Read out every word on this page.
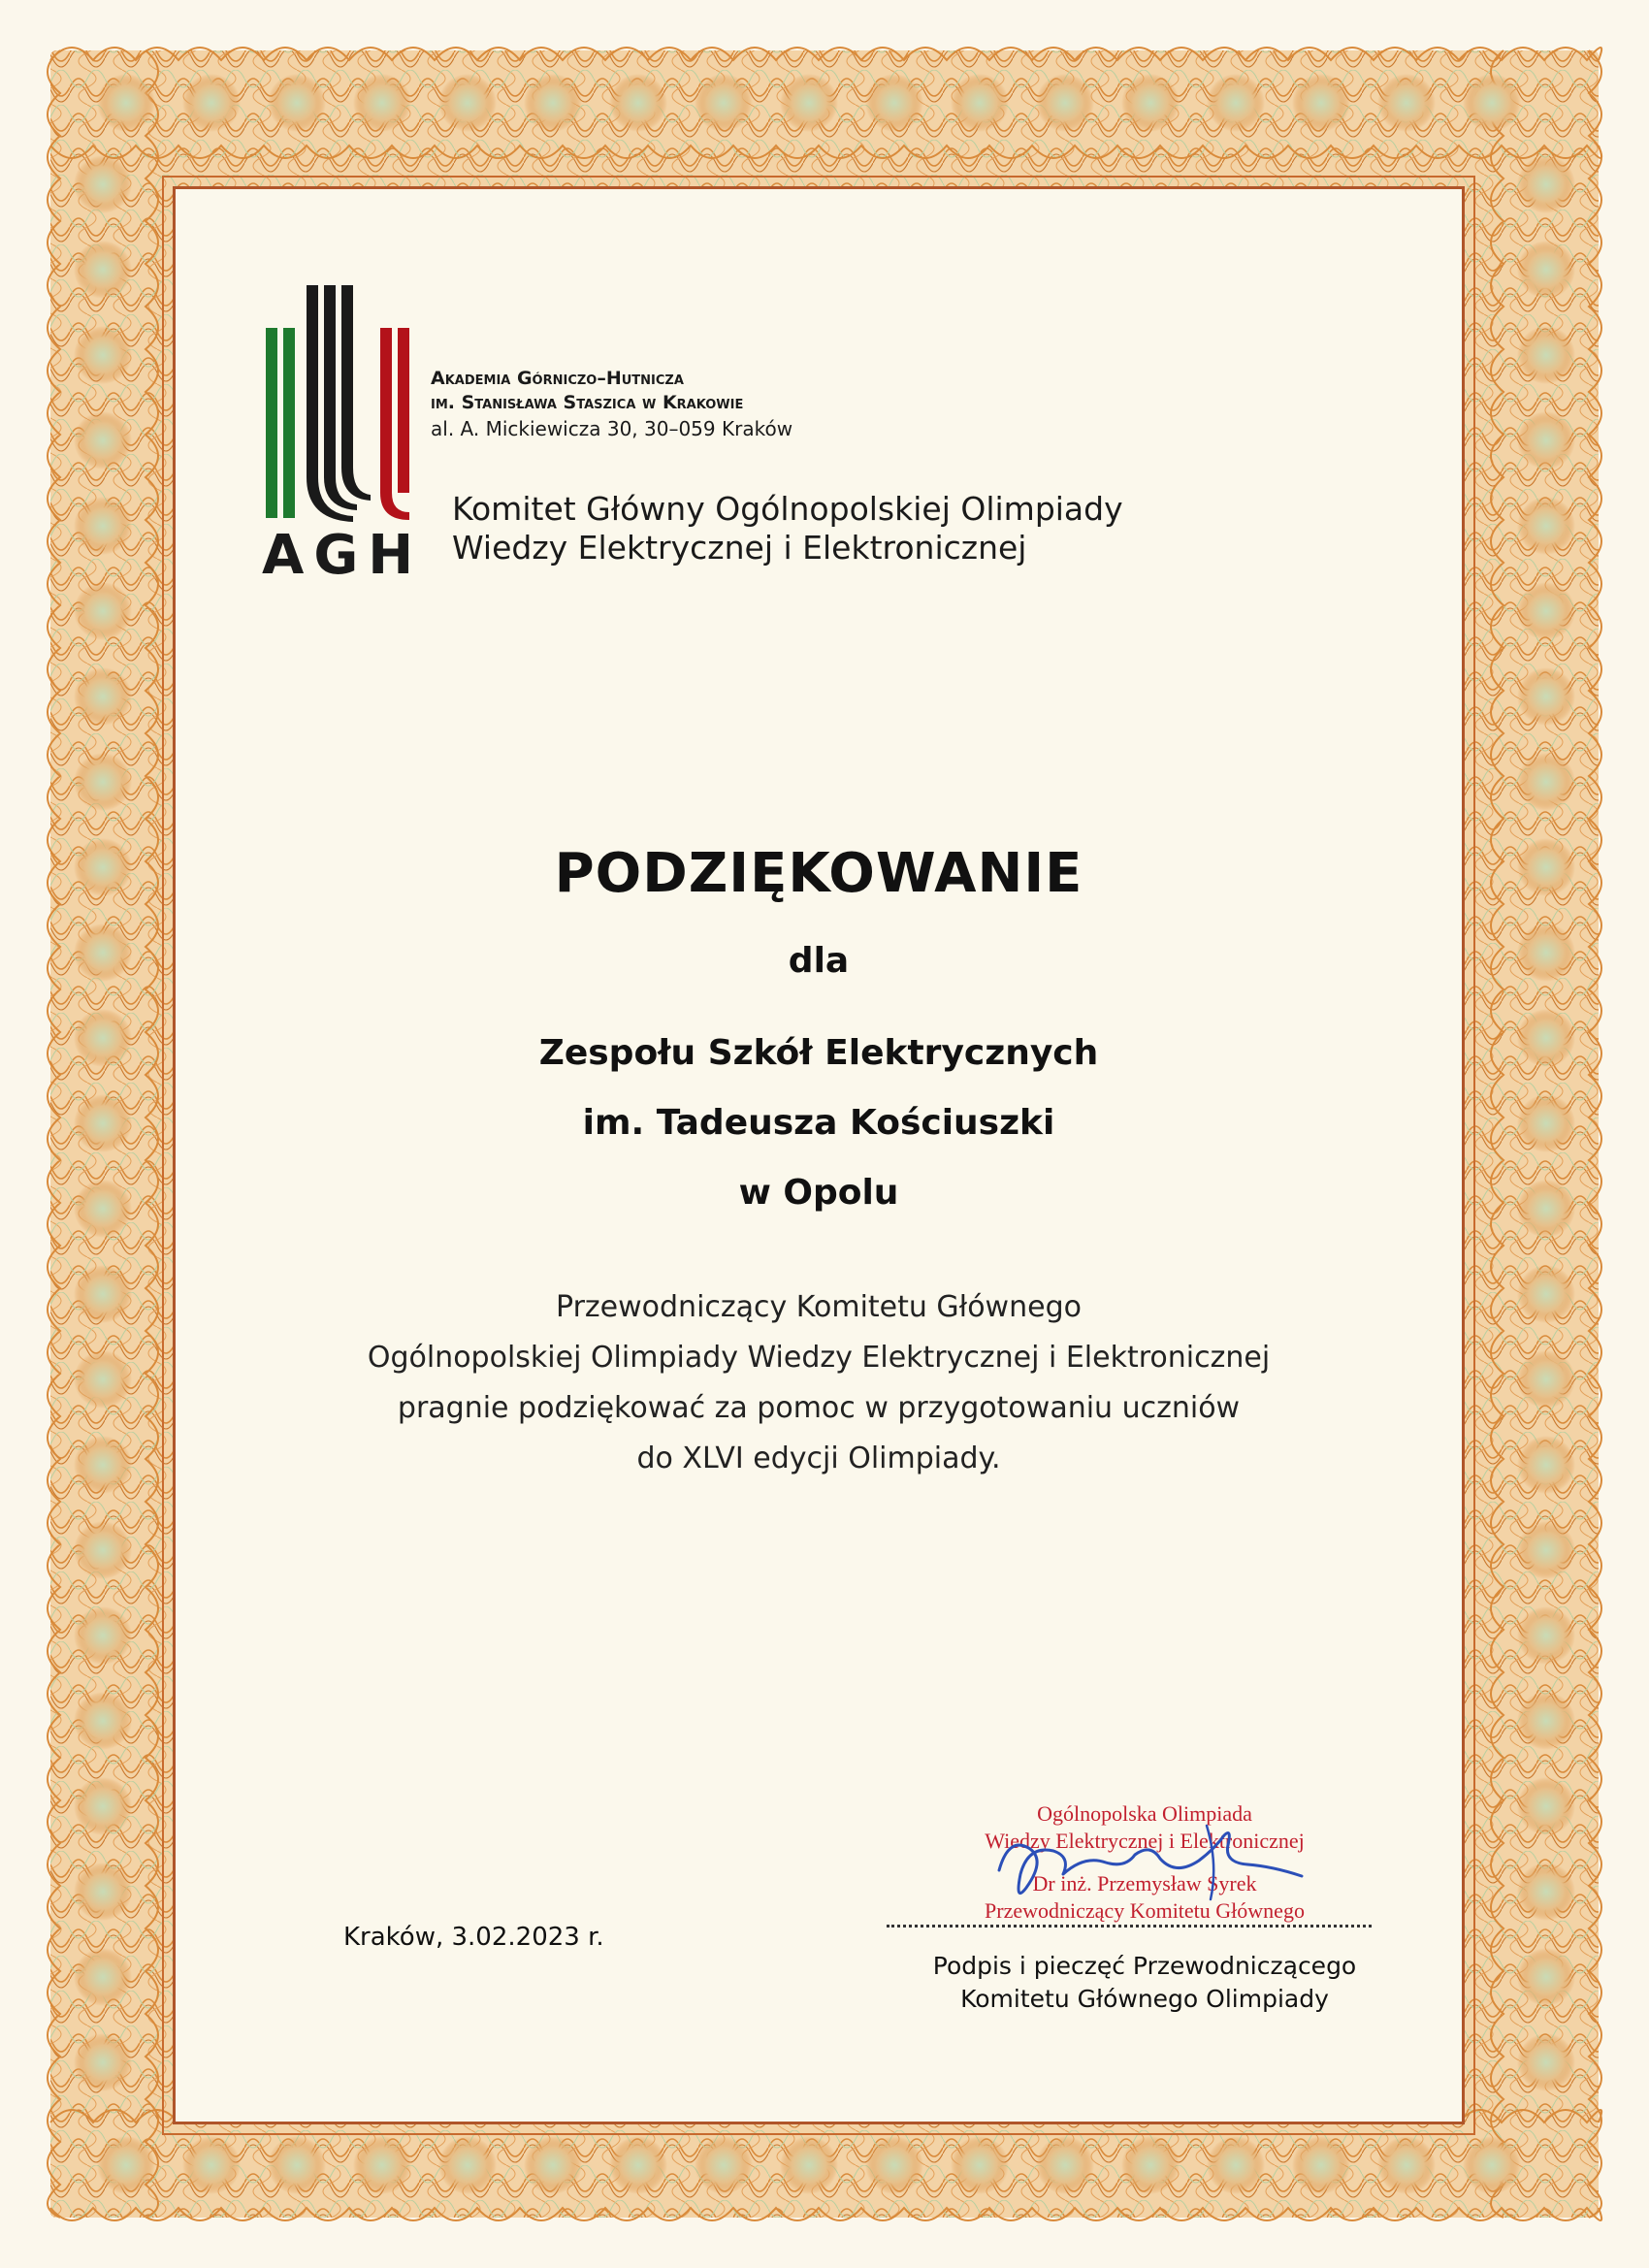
AGH
Akademia Górniczo–Hutnicza
im. Stanisława Staszica w Krakowie
al. A. Mickiewicza 30, 30–059 Kraków
Komitet Główny Ogólnopolskiej Olimpiady
Wiedzy Elektrycznej i Elektronicznej
PODZIĘKOWANIE
dla
Zespołu Szkół Elektrycznych
im. Tadeusza Kościuszki
w Opolu
Przewodniczący Komitetu Głównego
Ogólnopolskiej Olimpiady Wiedzy Elektrycznej i Elektronicznej
pragnie podziękować za pomoc w przygotowaniu uczniów
do XLVI edycji Olimpiady.
Kraków, 3.02.2023 r.
Ogólnopolska Olimpiada
Wiedzy Elektrycznej i Elektronicznej
Dr inż. Przemysław Syrek
Przewodniczący Komitetu Głównego
Podpis i pieczęć Przewodniczącego
Komitetu Głównego Olimpiady
